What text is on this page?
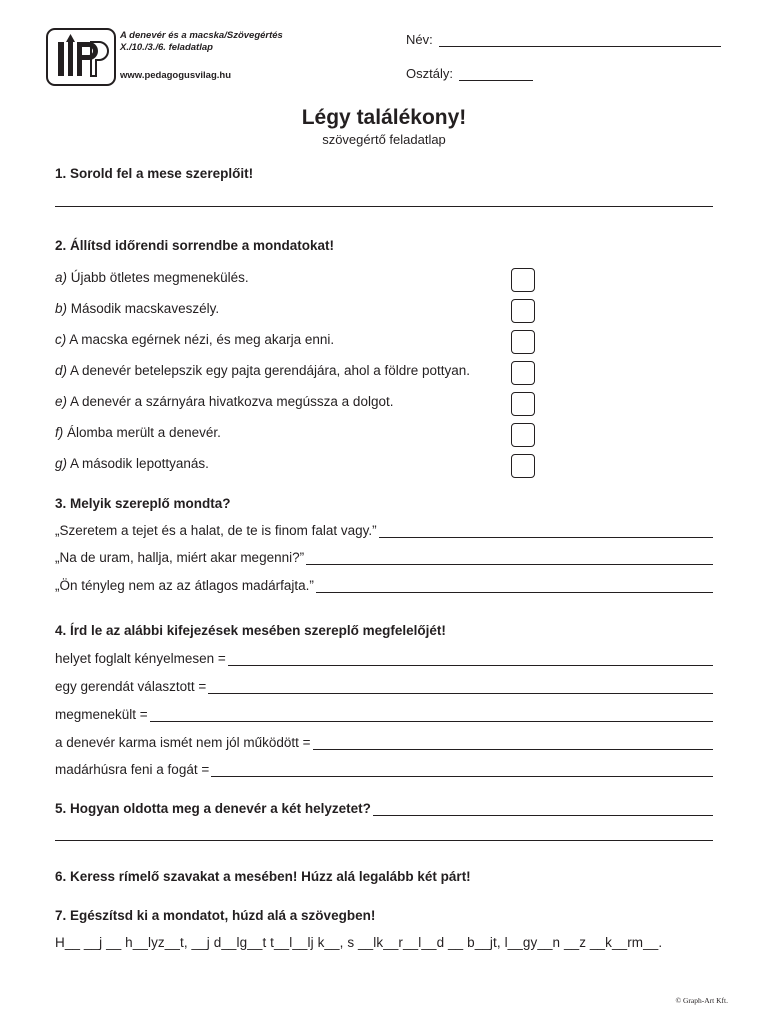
A denevér és a macska/Szövegértés
X./10./3./6. feladatlap
www.pedagogusvilag.hu
Név:
Osztály:
Légy találékony!
szövegértő feladatlap
1. Sorold fel a mese szereplőit!
2. Állítsd időrendi sorrendbe a mondatokat!
a) Újabb ötletes megmenekülés.
b) Második macskaveszély.
c) A macska egérnek nézi, és meg akarja enni.
d) A denevér betelepszik egy pajta gerendájára, ahol a földre pottyan.
e) A denevér a szárnyára hivatkozva megússza a dolgot.
f) Álomba merült a denevér.
g) A második lepottyanás.
3. Melyik szereplő mondta?
„Szeretem a tejet és a halat, de te is finom falat vagy.”
„Na de uram, hallja, miért akar megenni?”
„Ön tényleg nem az az átlagos madárfajta.”
4. Írd le az alábbi kifejezések mesében szereplő megfelelőjét!
helyet foglalt kényelmesen =
egy gerendát választott =
megmenekült =
a denevér karma ismét nem jól működött =
madárhúsra feni a fogát =
5. Hogyan oldotta meg a denevér a két helyzetet?
6. Keress rímelő szavakat a mesében! Húzz alá legalább két párt!
7. Egészítsd ki a mondatot, húzd alá a szövegben!
H__ __j __ h__lyz__t, __j d__lg__t t__l__lj k__, s __lk__r__l__d __ b__jt, l__gy__n __z __k__rm__.
© Graph-Art Kft.
